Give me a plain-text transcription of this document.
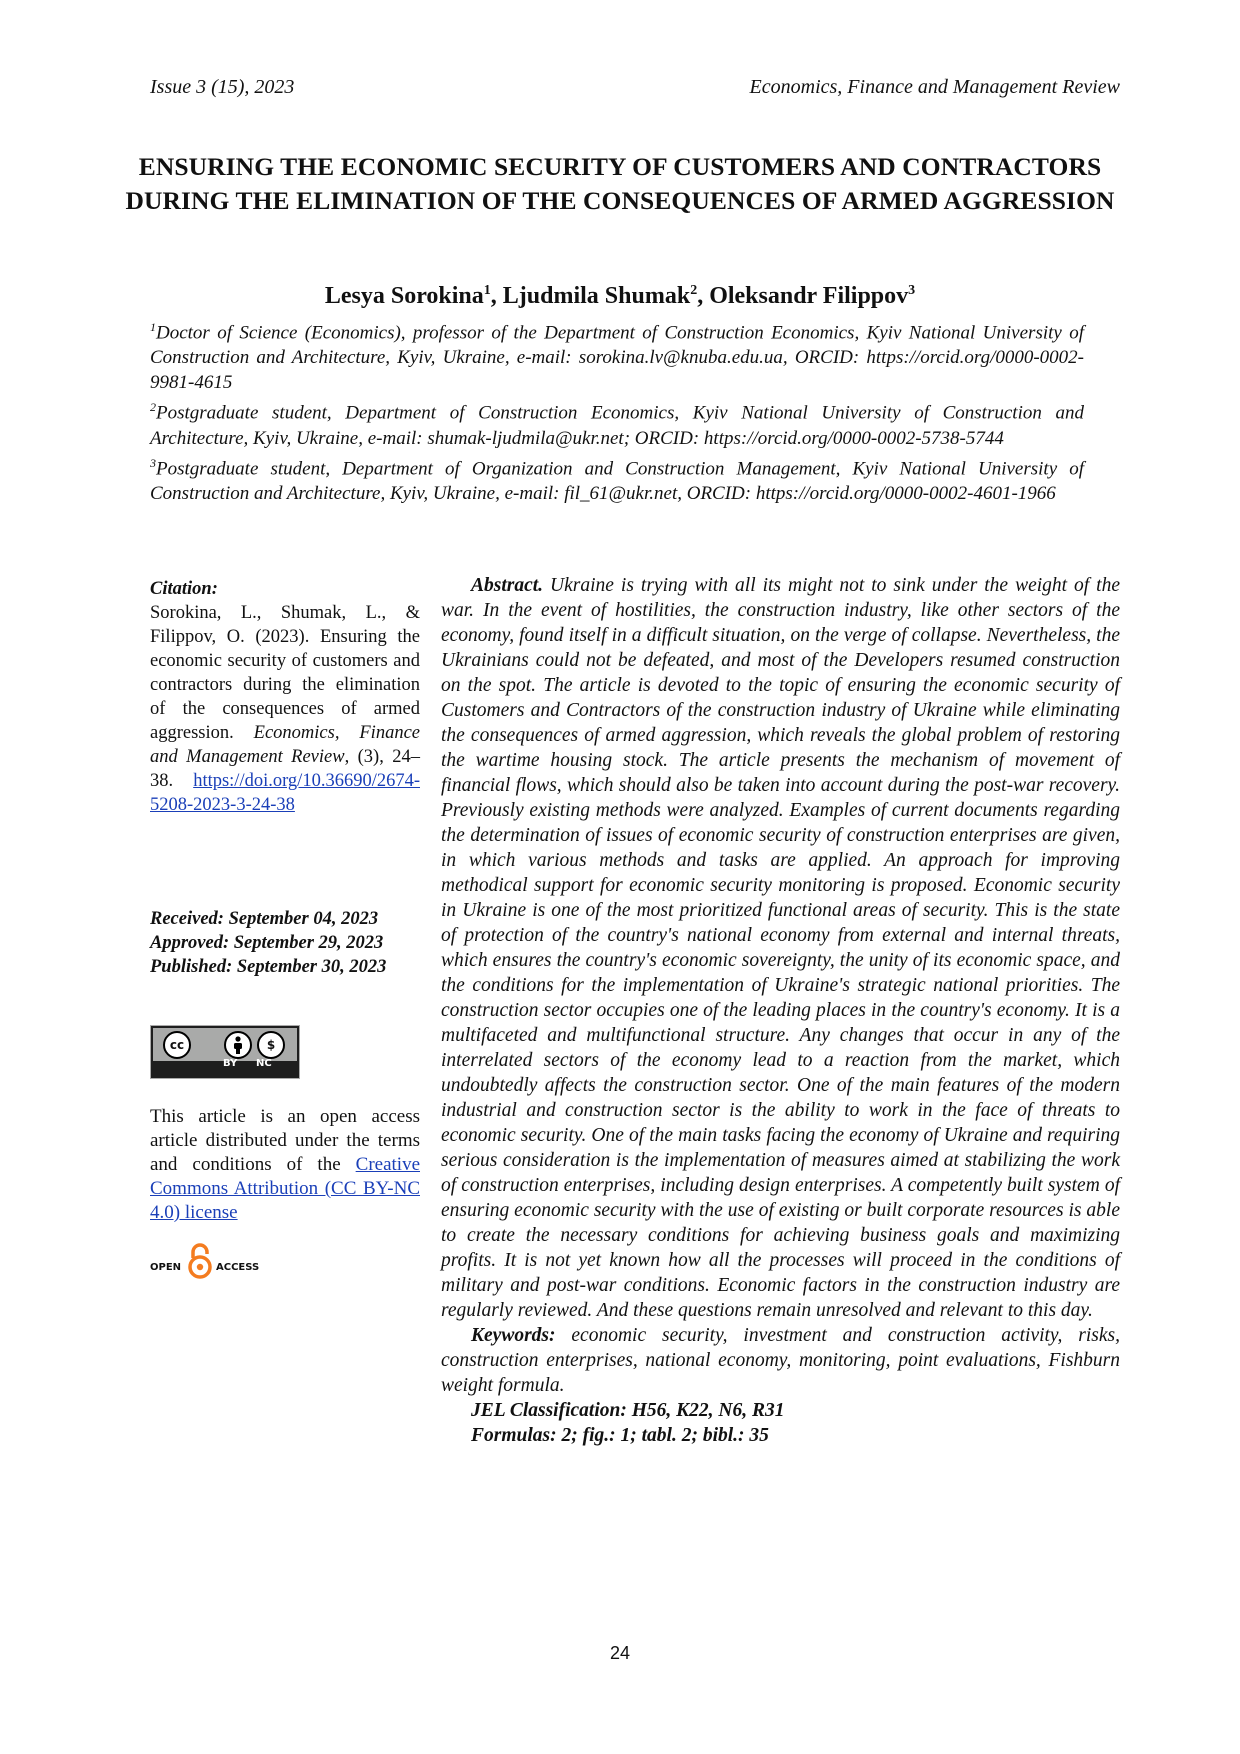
Issue 3 (15), 2023	Economics, Finance and Management Review
ENSURING THE ECONOMIC SECURITY OF CUSTOMERS AND CONTRACTORS DURING THE ELIMINATION OF THE CONSEQUENCES OF ARMED AGGRESSION
Lesya Sorokina$^1$, Ljudmila Shumak$^2$, Oleksandr Filippov$^3$

$^1$Doctor of Science (Economics), professor of the Department of Construction Economics, Kyiv National University of Construction and Architecture, Kyiv, Ukraine, e-mail: sorokina.lv@knuba.edu.ua, ORCID: https://orcid.org/0000-0002-9981-4615

$^2$Postgraduate student, Department of Construction Economics, Kyiv National University of Construction and Architecture, Kyiv, Ukraine, e-mail: shumak-ljudmila@ukr.net; ORCID: https://orcid.org/0000-0002-5738-5744

$^3$Postgraduate student, Department of Organization and Construction Management, Kyiv National University of Construction and Architecture, Kyiv, Ukraine, e-mail: fil_61@ukr.net, ORCID: https://orcid.org/0000-0002-4601-1966

Citation:

Sorokina, L., Shumak, L., & Filippov, O. (2023). Ensuring the economic security of customers and contractors during the elimination of the consequences of armed aggression. Economics, Finance and Management Review, (3), 24–38. https://doi.org/10.36690/2674-5208-2023-3-24-38

Received: September 04, 2023
Approved: September 29, 2023
Published: September 30, 2023

cc	$
BY NC

This article is an open access article distributed under the terms and conditions of the Creative Commons Attribution (CC BY-NC 4.0) license

OPEN	ACCESS

Abstract. Ukraine is trying with all its might not to sink under the weight of the war. In the event of hostilities, the construction industry, like other sectors of the economy, found itself in a difficult situation, on the verge of collapse. Nevertheless, the Ukrainians could not be defeated, and most of the Developers resumed construction on the spot. The article is devoted to the topic of ensuring the economic security of Customers and Contractors of the construction industry of Ukraine while eliminating the consequences of armed aggression, which reveals the global problem of restoring the wartime housing stock. The article presents the mechanism of movement of financial flows, which should also be taken into account during the post-war recovery. Previously existing methods were analyzed. Examples of current documents regarding the determination of issues of economic security of construction enterprises are given, in which various methods and tasks are applied. An approach for improving methodical support for economic security monitoring is proposed. Economic security in Ukraine is one of the most prioritized functional areas of security. This is the state of protection of the country's national economy from external and internal threats, which ensures the country's economic sovereignty, the unity of its economic space, and the conditions for the implementation of Ukraine's strategic national priorities. The construction sector occupies one of the leading places in the country's economy. It is a multifaceted and multifunctional structure. Any changes that occur in any of the interrelated sectors of the economy lead to a reaction from the market, which undoubtedly affects the construction sector. One of the main features of the modern industrial and construction sector is the ability to work in the face of threats to economic security. One of the main tasks facing the economy of Ukraine and requiring serious consideration is the implementation of measures aimed at stabilizing the work of construction enterprises, including design enterprises. A competently built system of ensuring economic security with the use of existing or built corporate resources is able to create the necessary conditions for achieving business goals and maximizing profits. It is not yet known how all the processes will proceed in the conditions of military and post-war conditions. Economic factors in the construction industry are regularly reviewed. And these questions remain unresolved and relevant to this day.

Keywords: economic security, investment and construction activity, risks, construction enterprises, national economy, monitoring, point evaluations, Fishburn weight formula.

JEL Classification: H56, K22, N6, R31

Formulas: 2; fig.: 1; tabl. 2; bibl.: 35

24
